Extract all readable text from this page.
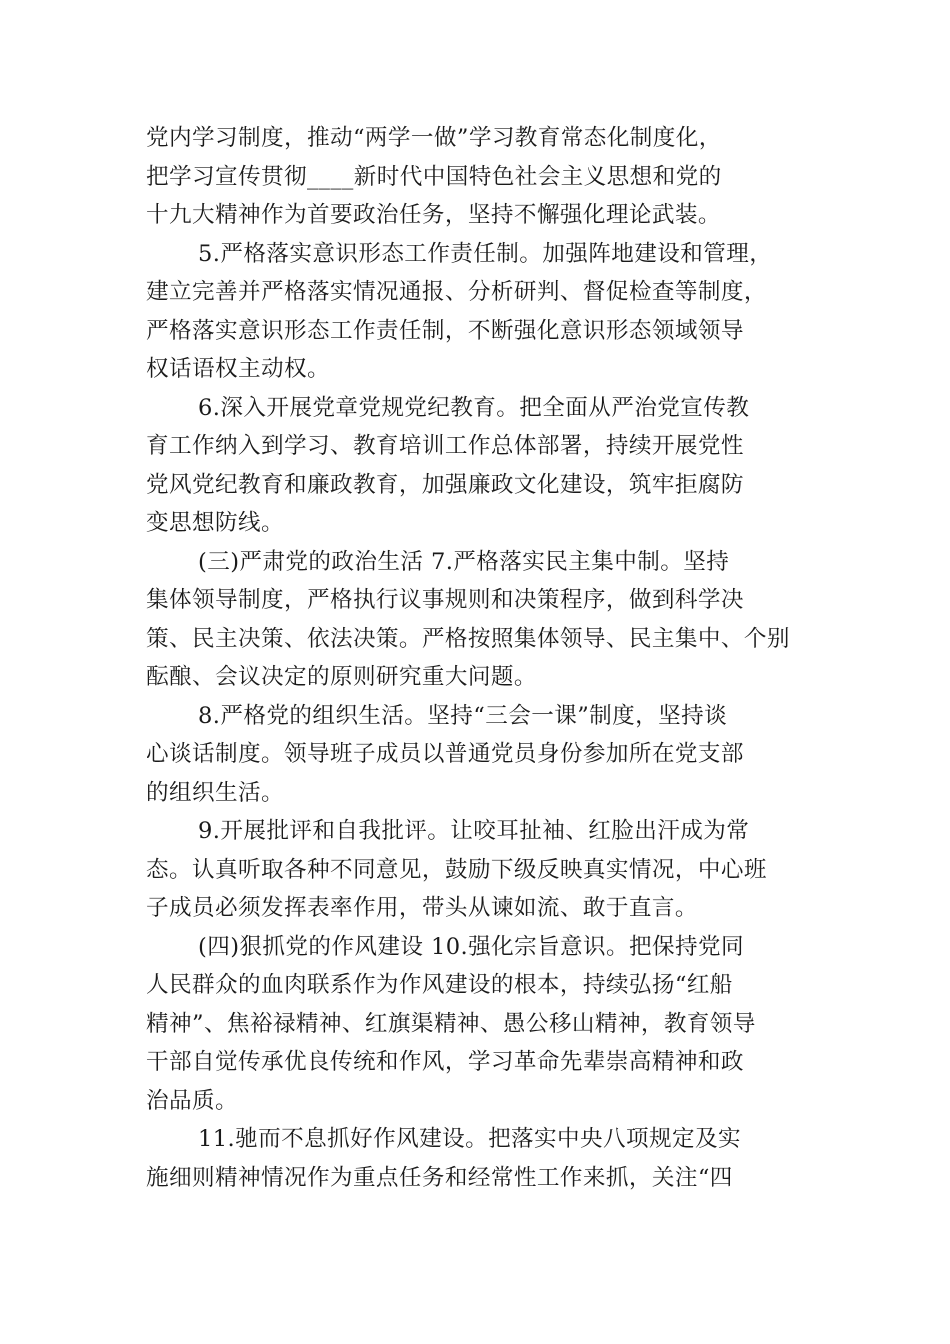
党内学习制度，推动“两学一做”学习教育常态化制度化，
把学习宣传贯彻____新时代中国特色社会主义思想和党的
十九大精神作为首要政治任务，坚持不懈强化理论武装。
5.严格落实意识形态工作责任制。加强阵地建设和管理，
建立完善并严格落实情况通报、分析研判、督促检查等制度，
严格落实意识形态工作责任制，不断强化意识形态领域领导
权话语权主动权。
6.深入开展党章党规党纪教育。把全面从严治党宣传教
育工作纳入到学习、教育培训工作总体部署，持续开展党性
党风党纪教育和廉政教育，加强廉政文化建设，筑牢拒腐防
变思想防线。
(三)严肃党的政治生活 7.严格落实民主集中制。坚持
集体领导制度，严格执行议事规则和决策程序，做到科学决
策、民主决策、依法决策。严格按照集体领导、民主集中、个别
酝酿、会议决定的原则研究重大问题。
8.严格党的组织生活。坚持“三会一课”制度，坚持谈
心谈话制度。领导班子成员以普通党员身份参加所在党支部
的组织生活。
9.开展批评和自我批评。让咬耳扯袖、红脸出汗成为常
态。认真听取各种不同意见，鼓励下级反映真实情况，中心班
子成员必须发挥表率作用，带头从谏如流、敢于直言。
(四)狠抓党的作风建设 10.强化宗旨意识。把保持党同
人民群众的血肉联系作为作风建设的根本，持续弘扬“红船
精神”、焦裕禄精神、红旗渠精神、愚公移山精神，教育领导
干部自觉传承优良传统和作风，学习革命先辈崇高精神和政
治品质。
11.驰而不息抓好作风建设。把落实中央八项规定及实
施细则精神情况作为重点任务和经常性工作来抓，关注“四
